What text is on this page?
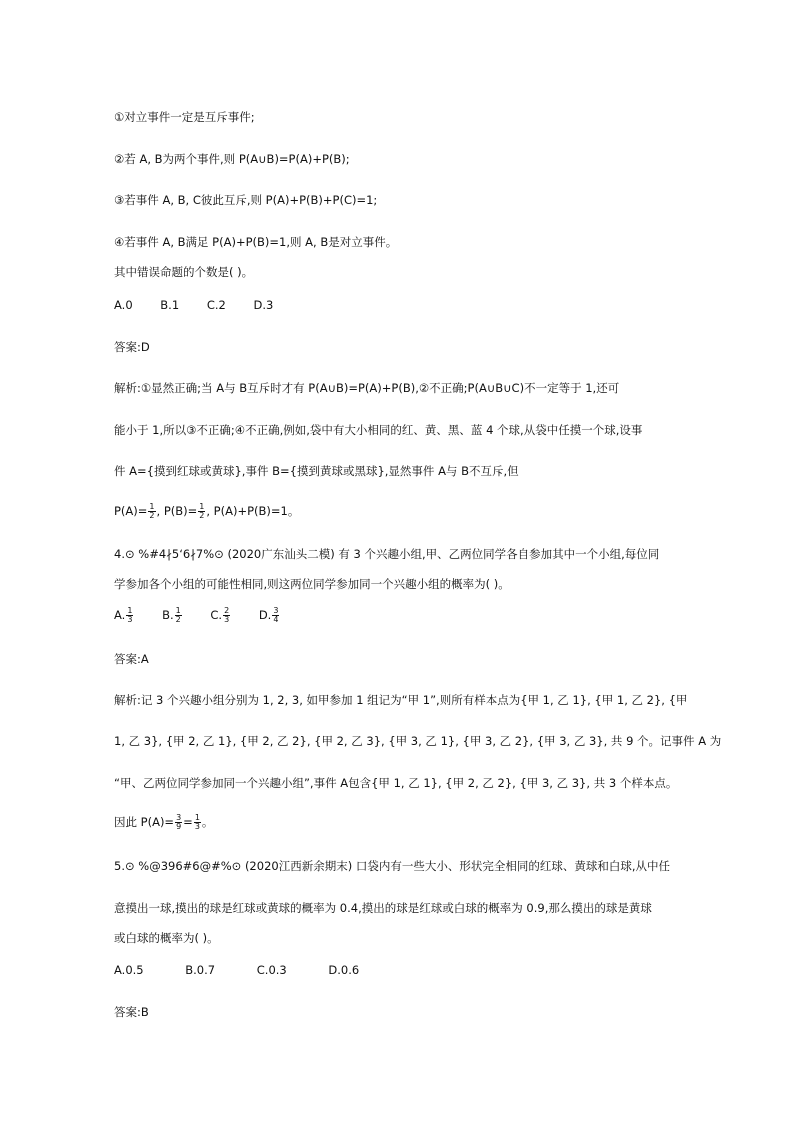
①对立事件一定是互斥事件;
②若 A, B为两个事件,则 P(A∪B)=P(A)+P(B);
③若事件 A, B, C彼此互斥,则 P(A)+P(B)+P(C)=1;
④若事件 A, B满足 P(A)+P(B)=1,则 A, B是对立事件。
其中错误命题的个数是( )。
A.0 B.1 C.2 D.3
答案:D
解析:①显然正确;当 A与 B互斥时才有 P(A∪B)=P(A)+P(B),②不正确;P(A∪B∪C)不一定等于 1,还可
能小于 1,所以③不正确;④不正确,例如,袋中有大小相同的红、黄、黑、蓝 4 个球,从袋中任摸一个球,设事
件 A={摸到红球或黄球},事件 B={摸到黄球或黑球},显然事件 A与 B不互斥,但
$P(A)= \frac{1}{2}$ , $P(B)= \frac{1}{2}$ , P(A)+P(B)=1。
4.⊙ %#4∤5‘6∤7%⊙ (2020广东汕头二模) 有 3 个兴趣小组,甲、乙两位同学各自参加其中一个小组,每位同
学参加各个小组的可能性相同,则这两位同学参加同一个兴趣小组的概率为( )。
A. $\frac{1}{3} B$. $\frac{1}{2} C$. $\frac{2}{3} D$. $\frac{3}{4}$
答案:A
解析:记 3 个兴趣小组分别为 1, 2, 3, 如甲参加 1 组记为“甲 1”,则所有样本点为{甲 1, 乙 1}, {甲 1, 乙 2}, {甲
1, 乙 3}, {甲 2, 乙 1}, {甲 2, 乙 2}, {甲 2, 乙 3}, {甲 3, 乙 1}, {甲 3, 乙 2}, {甲 3, 乙 3}, 共 9 个。记事件 A 为
“甲、乙两位同学参加同一个兴趣小组”,事件 A包含{甲 1, 乙 1}, {甲 2, 乙 2}, {甲 3, 乙 3}, 共 3 个样本点。
因此 $P(A)= \frac{3}{9} = \frac{1}{3}$ 。
5.⊙ %@396#6@#%⊙ (2020江西新余期末) 口袋内有一些大小、形状完全相同的红球、黄球和白球,从中任
意摸出一球,摸出的球是红球或黄球的概率为 0.4,摸出的球是红球或白球的概率为 0.9,那么摸出的球是黄球
或白球的概率为( )。
A.0.5	B.0.7	C.0.3	D.0.6
答案:B
